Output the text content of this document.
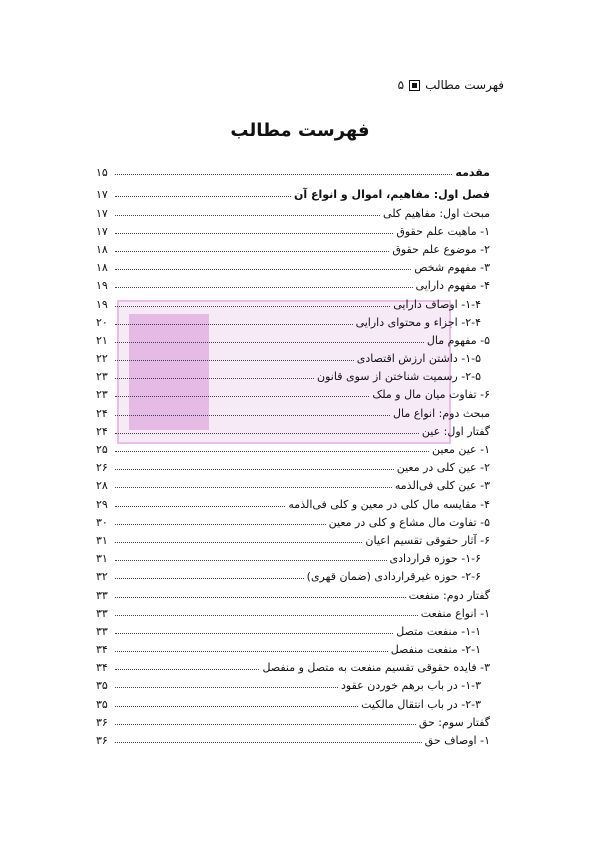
فهرست مطالب
۵
فهرست مطالب
مقدمه
۱۵
فصل اول: مفاهیم، اموال و انواع آن
۱۷
مبحث اول: مفاهیم کلی
۱۷
۱- ماهیت علم حقوق
۱۷
۲- موضوع علم حقوق
۱۸
۳- مفهوم شخص
۱۸
۴- مفهوم دارایی
۱۹
۱-۴- اوصاف دارایی
۱۹
۲-۴- اجزاء و محتوای دارایی
۲۰
۵- مفهوم مال
۲۱
۱-۵- داشتن ارزش اقتصادی
۲۲
۲-۵- رسمیت شناختن از سوی قانون
۲۳
۶- تفاوت میان مال و ملک
۲۳
مبحث دوم: انواع مال
۲۴
گفتار اول: عین
۲۴
۱- عین معین
۲۵
۲- عین کلی در معین
۲۶
۳- عین کلی فی‌الذمه
۲۸
۴- مقایسه مال کلی در معین و کلی فی‌الذمه
۲۹
۵- تفاوت مال مشاع و کلی در معین
۳۰
۶- آثار حقوقی تقسیم اعیان
۳۱
۱-۶- حوزه قراردادی
۳۱
۲-۶- حوزه غیرقراردادی (ضمان قهری)
۳۲
گفتار دوم: منفعت
۳۳
۱- انواع منفعت
۳۳
۱-۱- منفعت متصل
۳۳
۲-۱- منفعت منفصل
۳۴
۳- فایده حقوقی تقسیم منفعت به متصل و منفصل
۳۴
۱-۳- در باب برهم خوردن عقود
۳۵
۲-۳- در باب انتقال مالکیت
۳۵
گفتار سوم: حق
۳۶
۱- اوصاف حق
۳۶
